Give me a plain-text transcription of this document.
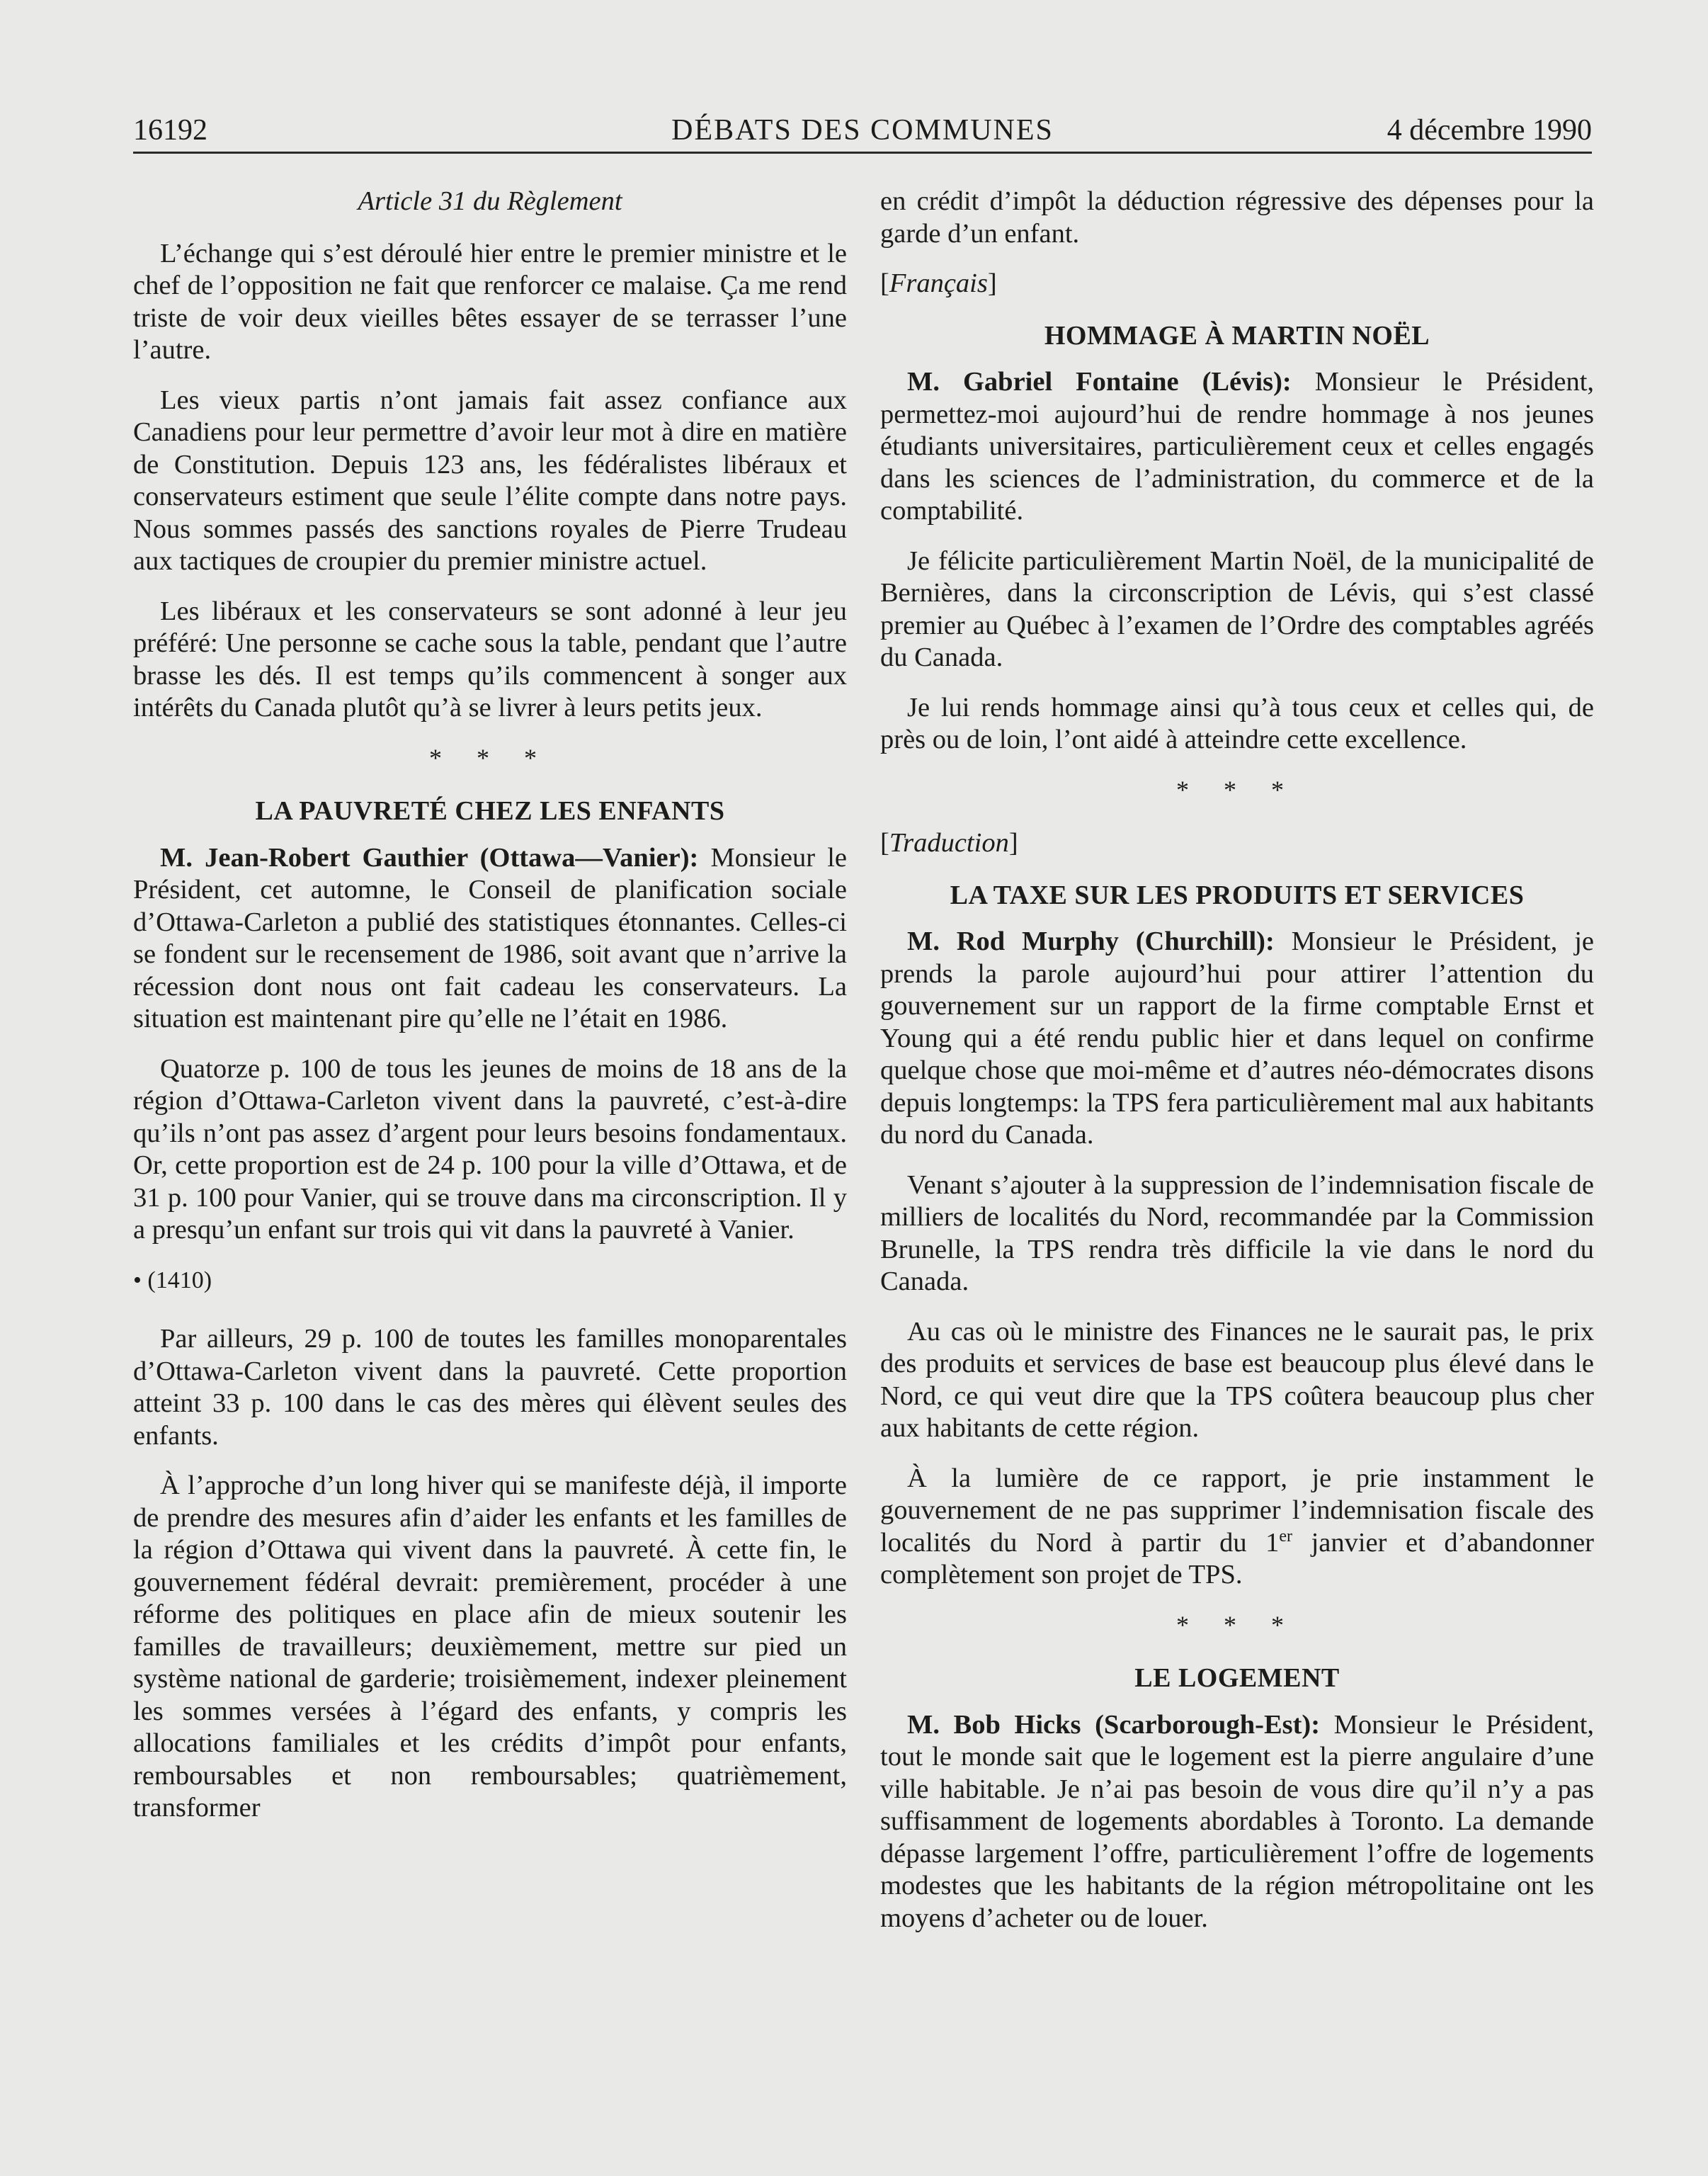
16192	DÉBATS DES COMMUNES	4 décembre 1990
Article 31 du Règlement

L’échange qui s’est déroulé hier entre le premier ministre et le chef de l’opposition ne fait que renforcer ce malaise. Ça me rend triste de voir deux vieilles bêtes essayer de se terrasser l’une l’autre.

Les vieux partis n’ont jamais fait assez confiance aux Canadiens pour leur permettre d’avoir leur mot à dire en matière de Constitution. Depuis 123 ans, les fédéralistes libéraux et conservateurs estiment que seule l’élite compte dans notre pays. Nous sommes passés des sanctions royales de Pierre Trudeau aux tactiques de croupier du premier ministre actuel.

Les libéraux et les conservateurs se sont adonné à leur jeu préféré: Une personne se cache sous la table, pendant que l’autre brasse les dés. Il est temps qu’ils commencent à songer aux intérêts du Canada plutôt qu’à se livrer à leurs petits jeux.

* * *
LA PAUVRETÉ CHEZ LES ENFANTS

M. Jean-Robert Gauthier (Ottawa—Vanier): Monsieur le Président, cet automne, le Conseil de planification sociale d’Ottawa-Carleton a publié des statistiques étonnantes. Celles-ci se fondent sur le recensement de 1986, soit avant que n’arrive la récession dont nous ont fait cadeau les conservateurs. La situation est maintenant pire qu’elle ne l’était en 1986.

Quatorze p. 100 de tous les jeunes de moins de 18 ans de la région d’Ottawa-Carleton vivent dans la pauvreté, c’est-à-dire qu’ils n’ont pas assez d’argent pour leurs besoins fondamentaux. Or, cette proportion est de 24 p. 100 pour la ville d’Ottawa, et de 31 p. 100 pour Vanier, qui se trouve dans ma circonscription. Il y a presqu’un enfant sur trois qui vit dans la pauvreté à Vanier.

• (1410)

Par ailleurs, 29 p. 100 de toutes les familles monoparentales d’Ottawa-Carleton vivent dans la pauvreté. Cette proportion atteint 33 p. 100 dans le cas des mères qui élèvent seules des enfants.

À l’approche d’un long hiver qui se manifeste déjà, il importe de prendre des mesures afin d’aider les enfants et les familles de la région d’Ottawa qui vivent dans la pauvreté. À cette fin, le gouvernement fédéral devrait: premièrement, procéder à une réforme des politiques en place afin de mieux soutenir les familles de travailleurs; deuxièmement, mettre sur pied un système national de garderie; troisièmement, indexer pleinement les sommes versées à l’égard des enfants, y compris les allocations familiales et les crédits d’impôt pour enfants, remboursables et non remboursables; quatrièmement, transformer

en crédit d’impôt la déduction régressive des dépenses pour la garde d’un enfant.

[Français]
HOMMAGE À MARTIN NOËL

M. Gabriel Fontaine (Lévis): Monsieur le Président, permettez-moi aujourd’hui de rendre hommage à nos jeunes étudiants universitaires, particulièrement ceux et celles engagés dans les sciences de l’administration, du commerce et de la comptabilité.

Je félicite particulièrement Martin Noël, de la municipalité de Bernières, dans la circonscription de Lévis, qui s’est classé premier au Québec à l’examen de l’Ordre des comptables agréés du Canada.

Je lui rends hommage ainsi qu’à tous ceux et celles qui, de près ou de loin, l’ont aidé à atteindre cette excellence.

* * *
[Traduction]
LA TAXE SUR LES PRODUITS ET SERVICES

M. Rod Murphy (Churchill): Monsieur le Président, je prends la parole aujourd’hui pour attirer l’attention du gouvernement sur un rapport de la firme comptable Ernst et Young qui a été rendu public hier et dans lequel on confirme quelque chose que moi-même et d’autres néo-démocrates disons depuis longtemps: la TPS fera particulièrement mal aux habitants du nord du Canada.

Venant s’ajouter à la suppression de l’indemnisation fiscale de milliers de localités du Nord, recommandée par la Commission Brunelle, la TPS rendra très difficile la vie dans le nord du Canada.

Au cas où le ministre des Finances ne le saurait pas, le prix des produits et services de base est beaucoup plus élevé dans le Nord, ce qui veut dire que la TPS coûtera beaucoup plus cher aux habitants de cette région.

À la lumière de ce rapport, je prie instamment le gouvernement de ne pas supprimer l’indemnisation fiscale des localités du Nord à partir du 1er janvier et d’abandonner complètement son projet de TPS.

* * *
LE LOGEMENT

M. Bob Hicks (Scarborough-Est): Monsieur le Président, tout le monde sait que le logement est la pierre angulaire d’une ville habitable. Je n’ai pas besoin de vous dire qu’il n’y a pas suffisamment de logements abordables à Toronto. La demande dépasse largement l’offre, particulièrement l’offre de logements modestes que les habitants de la région métropolitaine ont les moyens d’acheter ou de louer.
